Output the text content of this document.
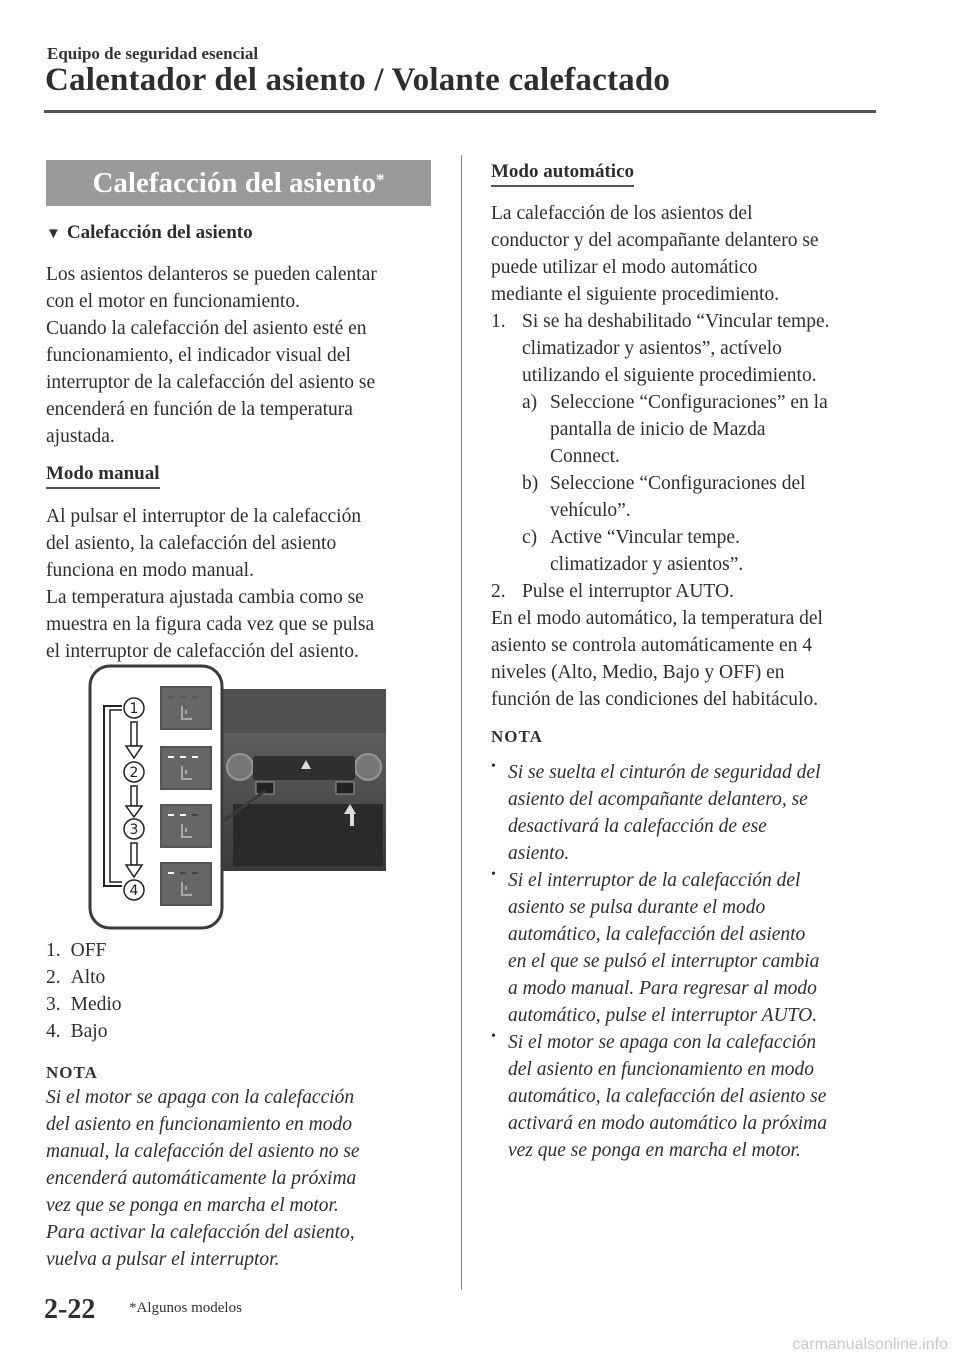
Equipo de seguridad esencial
Calentador del asiento / Volante calefactado
Calefacción del asiento*
▼ Calefacción del asiento
Los asientos delanteros se pueden calentar
con el motor en funcionamiento.
Cuando la calefacción del asiento esté en
funcionamiento, el indicador visual del
interruptor de la calefacción del asiento se
encenderá en función de la temperatura
ajustada.
Modo manual
Al pulsar el interruptor de la calefacción
del asiento, la calefacción del asiento
funciona en modo manual.
La temperatura ajustada cambia como se
muestra en la figura cada vez que se pulsa
el interruptor de calefacción del asiento.
1
2
3
4
1. OFF
2. Alto
3. Medio
4. Bajo
NOTA
Si el motor se apaga con la calefacción
del asiento en funcionamiento en modo
manual, la calefacción del asiento no se
encenderá automáticamente la próxima
vez que se ponga en marcha el motor.
Para activar la calefacción del asiento,
vuelva a pulsar el interruptor.
Modo automático
La calefacción de los asientos del
conductor y del acompañante delantero se
puede utilizar el modo automático
mediante el siguiente procedimiento.
1. Si se ha deshabilitado “Vincular tempe.
climatizador y asientos”, actívelo
utilizando el siguiente procedimiento.
a) Seleccione “Configuraciones” en la
pantalla de inicio de Mazda
Connect.
b) Seleccione “Configuraciones del
vehículo”.
c) Active “Vincular tempe.
climatizador y asientos”.
2. Pulse el interruptor AUTO.
En el modo automático, la temperatura del
asiento se controla automáticamente en 4
niveles (Alto, Medio, Bajo y OFF) en
función de las condiciones del habitáculo.
NOTA
• Si se suelta el cinturón de seguridad del
asiento del acompañante delantero, se
desactivará la calefacción de ese
asiento.
• Si el interruptor de la calefacción del
asiento se pulsa durante el modo
automático, la calefacción del asiento
en el que se pulsó el interruptor cambia
a modo manual. Para regresar al modo
automático, pulse el interruptor AUTO.
• Si el motor se apaga con la calefacción
del asiento en funcionamiento en modo
automático, la calefacción del asiento se
activará en modo automático la próxima
vez que se ponga en marcha el motor.
2-22 *Algunos modelos
carmanualsonline.info
